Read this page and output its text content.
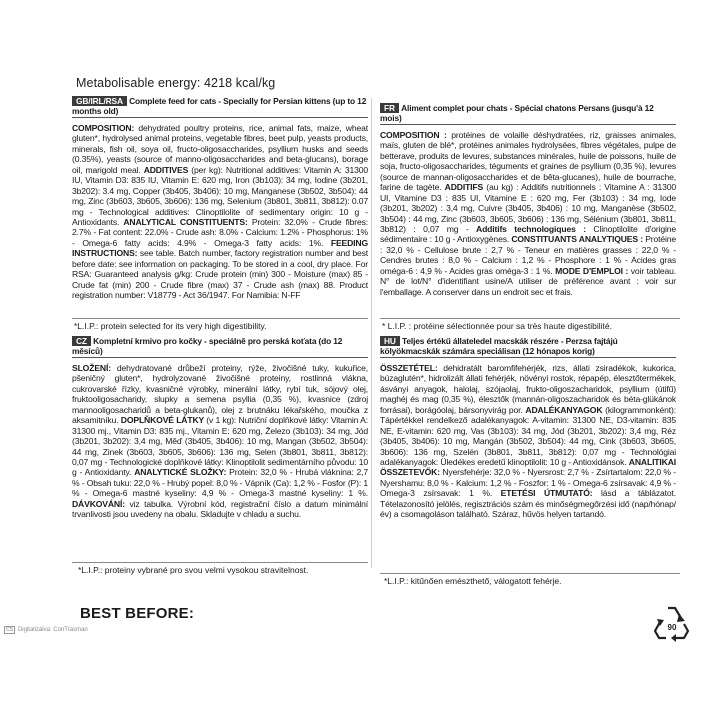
Metabolisable energy: 4218 kcal/kg
GB/IRL/RSA Complete feed for cats - Specially for Persian kittens (up to 12 months old)
COMPOSITION: dehydrated poultry proteins, rice, animal fats, maize, wheat gluten*, hydrolysed animal proteins, vegetable fibres, beet pulp, yeasts products, minerals, fish oil, soya oil, fructo-oligosaccharides, psyllium husks and seeds (0.35%), yeasts (source of manno-oligosaccharides and beta-glucans), borage oil, marigold meal. ADDITIVES (per kg): Nutritional additives: Vitamin A: 31300 IU, Vitamin D3: 835 IU, Vitamin E: 620 mg, Iron (3b103): 34 mg, Iodine (3b201, 3b202): 3.4 mg, Copper (3b405, 3b406): 10 mg, Manganese (3b502, 3b504): 44 mg, Zinc (3b603, 3b605, 3b606): 136 mg, Selenium (3b801, 3b811, 3b812): 0.07 mg - Technological additives: Clinoptilolite of sedimentary origin: 10 g - Antioxidants. ANALYTICAL CONSTITUENTS: Protein: 32.0% - Crude fibres: 2.7% - Fat content: 22.0% - Crude ash: 8.0% - Calcium: 1.2% - Phosphorus: 1% - Omega-6 fatty acids: 4.9% - Omega-3 fatty acids: 1%. FEEDING INSTRUCTIONS: see table. Batch number, factory registration number and best before date: see information on packaging. To be stored in a cool, dry place. For RSA: Guaranteed analysis g/kg: Crude protein (min) 300 - Moisture (max) 85 - Crude fat (min) 200 - Crude fibre (max) 37 - Crude ash (max) 88. Product registration number: V18779 - Act 36/1947. For Namibia: N-FF
*L.I.P.: protein selected for its very high digestibility.
FR Aliment complet pour chats - Spécial chatons Persans (jusqu'à 12 mois)
COMPOSITION : protéines de volaille déshydratées, riz, graisses animales, maïs, gluten de blé*, protéines animales hydrolysées, fibres végétales, pulpe de betterave, produits de levures, substances minérales, huile de poissons, huile de soja, fructo-oligosaccharides, téguments et graines de psyllium (0,35 %), levures (source de mannan-oligosaccharides et de bêta-glucanes), huile de bourrache, farine de tagète. ADDITIFS (au kg) : Additifs nutritionnels : Vitamine A : 31300 UI, Vitamine D3 : 835 UI, Vitamine E : 620 mg, Fer (3b103) : 34 mg, Iode (3b201, 3b202) : 3,4 mg, Cuivre (3b405, 3b406) : 10 mg, Manganèse (3b502, 3b504) : 44 mg, Zinc (3b603, 3b605, 3b606) : 136 mg, Sélénium (3b801, 3b811, 3b812) : 0,07 mg - Additifs technologiques : Clinoptilolite d'origine sédimentaire : 10 g - Antioxygènes. CONSTITUANTS ANALYTIQUES : Protéine : 32,0 % - Cellulose brute : 2,7 % - Teneur en matières grasses : 22,0 % - Cendres brutes : 8,0 % - Calcium : 1,2 % - Phosphore : 1 % - Acides gras oméga-6 : 4,9 % - Acides gras oméga-3 : 1 %. MODE D'EMPLOI : voir tableau. N° de lot/N° d'identifiant usine/A utiliser de préférence avant : voir sur l'emballage. A conserver dans un endroit sec et frais.
* L.I.P. : protéine sélectionnée pour sa très haute digestibilité.
CZ Kompletní krmivo pro kočky - speciálně pro perská koťata (do 12 měsíců)
SLOŽENÍ: dehydratované drůbeží proteiny, rýže, živočišné tuky, kukuřice, pšeničný gluten*, hydrolyzované živočišné proteiny, rostlinná vlákna, cukrovarské řízky, kvasničné výrobky, minerální látky, rybí tuk, sójový olej, fruktooligosacharidy, slupky a semena psyllia (0,35 %), kvasnice (zdroj mannooligosacharidů a beta-glukanů), olej z brutnáku lékařského, moučka z aksamitníku. DOPLŇKOVÉ LÁTKY (v 1 kg): Nutriční doplňkové látky: Vitamin A: 31300 mj., Vitamin D3: 835 mj., Vitamin E: 620 mg, Železo (3b103): 34 mg, Jód (3b201, 3b202): 3,4 mg, Měď (3b405, 3b406): 10 mg, Mangan (3b502, 3b504): 44 mg, Zinek (3b603, 3b605, 3b606): 136 mg, Selen (3b801, 3b811, 3b812): 0,07 mg - Technologické doplňkové látky: Klinoptilolit sedimentárního původu: 10 g - Antioxidanty. ANALYTICKÉ SLOŽKY: Protein: 32,0 % - Hrubá vláknina: 2,7 % - Obsah tuku: 22,0 % - Hrubý popel: 8,0 % - Vápník (Ca): 1,2 % - Fosfor (P): 1 % - Omega-6 mastné kyseliny: 4,9 % - Omega-3 mastné kyseliny: 1 %. DÁVKOVÁNÍ: viz tabulka. Výrobní kód, registrační číslo a datum minimální trvanlivosti jsou uvedeny na obalu. Skladujte v chladu a suchu.
*L.I.P.: proteiny vybrané pro svou velmi vysokou stravitelnost.
HU Teljes értékű állateledel macskák részére - Perzsa fajtájú kölyökmacskák számára speciálisan (12 hónapos korig)
ÖSSZETÉTEL: dehidratált baromfifehérjék, rizs, állati zsiradékok, kukorica, búzaglutén*, hidrolizált állati fehérjék, növényi rostok, répapép, élesztőtermékek, ásványi anyagok, halolaj, szójaolaj, frukto-oligoszacharidok, psyllium (útifű) maghéj és mag (0,35 %), élesztők (mannán-oligoszacharidok és béta-glükánok forrásai), borágóolaj, bársonyvirág por. ADALÉKANYAGOK (kilogrammonként): Tápértékkel rendelkező adalékanyagok: A-vitamin: 31300 NE, D3-vitamin: 835 NE, E-vitamin: 620 mg, Vas (3b103): 34 mg, Jód (3b201, 3b202): 3,4 mg, Réz (3b405, 3b406): 10 mg, Mangán (3b502, 3b504): 44 mg, Cink (3b603, 3b605, 3b606): 136 mg, Szelén (3b801, 3b811, 3b812): 0,07 mg - Technológiai adalékanyagok: Üledékes eredetű klinoptilolit: 10 g - Antioxidánsok. ANALITIKAI ÖSSZETEVŐK: Nyersfehérje: 32,0 % - Nyersrost: 2,7 % - Zsírtartalom: 22,0 % - Nyershamu: 8,0 % - Kalcium: 1,2 % - Foszfor: 1 % - Omega-6 zsírsavak: 4,9 % - Omega-3 zsírsavak: 1 %. ETETÉSI ÚTMUTATÓ: lásd a táblázatot. Tételazonosító jelölés, regisztrációs szám és minőségmegőrzési idő (nap/hónap/év) a csomagoláson található. Száraz, hűvös helyen tartandó.
*L.I.P.: kitűnően emészthető, válogatott fehérje.
BEST BEFORE:
90
CS Digitalizálva: ConTrasman
